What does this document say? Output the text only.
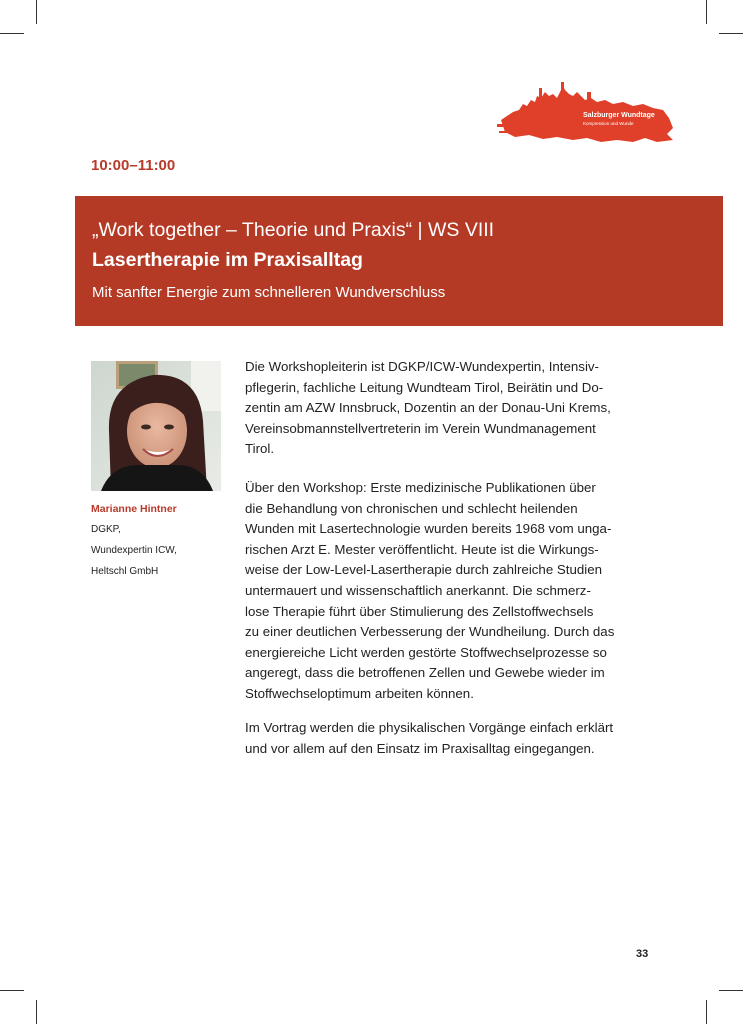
Salzburger Wundtage
Kompression und Wunde
10:00–11:00
„Work together – Theorie und Praxis“ | WS VIII
Lasertherapie im Praxisalltag
Mit sanfter Energie zum schnelleren Wundverschluss
Marianne Hintner
DGKP,
Wundexpertin ICW,
Heltschl GmbH
Die Workshopleiterin ist DGKP/ICW-Wundexpertin, Intensiv-
pflegerin, fachliche Leitung Wundteam Tirol, Beirätin und Do-
zentin am AZW Innsbruck, Dozentin an der Donau-Uni Krems,
Vereinsobmannstellvertreterin im Verein Wundmanagement
Tirol.
Über den Workshop: Erste medizinische Publikationen über
die Behandlung von chronischen und schlecht heilenden
Wunden mit Lasertechnologie wurden bereits 1968 vom unga-
rischen Arzt E. Mester veröffentlicht. Heute ist die Wirkungs-
weise der Low-Level-Lasertherapie durch zahlreiche Studien
untermauert und wissenschaftlich anerkannt. Die schmerz-
lose Therapie führt über Stimulierung des Zellstoffwechsels
zu einer deutlichen Verbesserung der Wundheilung. Durch das
energiereiche Licht werden gestörte Stoffwechselprozesse so
angeregt, dass die betroffenen Zellen und Gewebe wieder im
Stoffwechseloptimum arbeiten können.
Im Vortrag werden die physikalischen Vorgänge einfach erklärt
und vor allem auf den Einsatz im Praxisalltag eingegangen.
33
